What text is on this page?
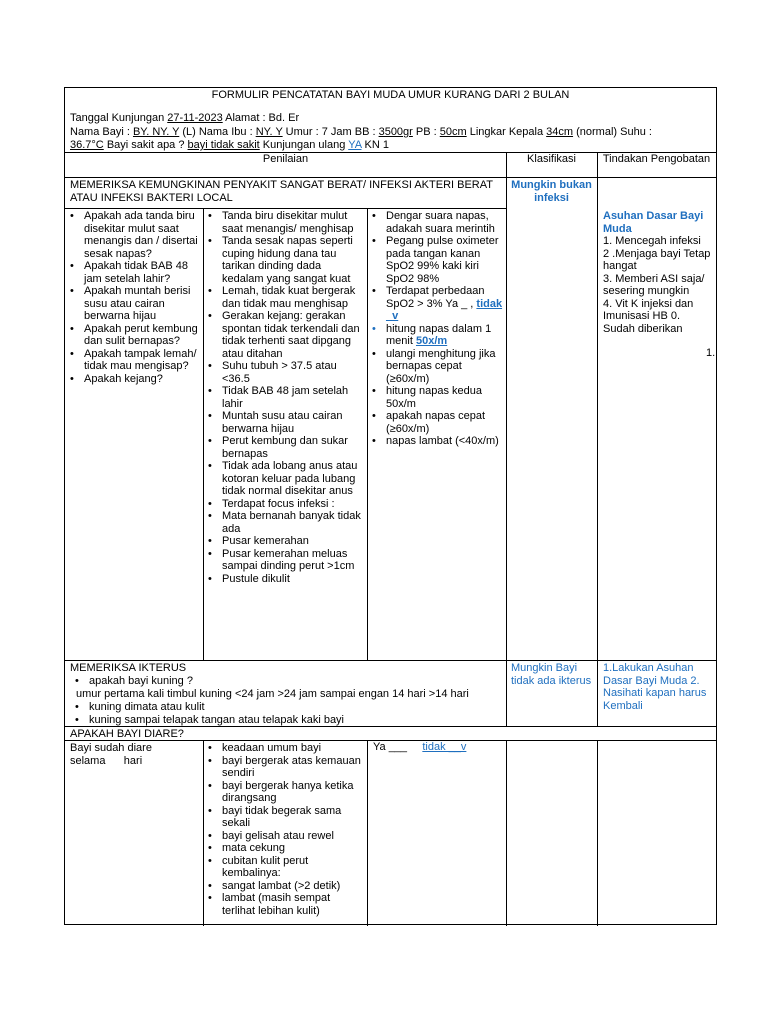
FORMULIR PENCATATAN BAYI MUDA UMUR KURANG DARI 2 BULAN
Tanggal Kunjungan 27-11-2023 Alamat : Bd. Er
Nama Bayi : BY. NY. Y (L) Nama Ibu : NY. Y Umur : 7 Jam BB : 3500gr PB : 50cm Lingkar Kepala 34cm (normal) Suhu :
36.7°C Bayi sakit apa ? bayi tidak sakit Kunjungan ulang YA KN 1
Penilaian	Klasifikasi	Tindakan Pengobatan
MEMERIKSA KEMUNGKINAN PENYAKIT SANGAT BERAT/ INFEKSI AKTERI BERAT ATAU INFEKSI BAKTERI LOCAL
Mungkin bukan infeksi
• Apakah ada tanda biru disekitar mulut saat menangis dan / disertai sesak napas?
• Apakah tidak BAB 48 jam setelah lahir?
• Apakah muntah berisi susu atau cairan berwarna hijau
• Apakah perut kembung dan sulit bernapas?
• Apakah tampak lemah/ tidak mau mengisap?
• Apakah kejang?
• Tanda biru disekitar mulut saat menangis/ menghisap
• Tanda sesak napas seperti cuping hidung dana tau tarikan dinding dada kedalam yang sangat kuat
• Lemah, tidak kuat bergerak dan tidak mau menghisap
• Gerakan kejang: gerakan spontan tidak terkendali dan tidak terhenti saat dipgang atau ditahan
• Suhu tubuh > 37.5 atau <36.5
• Tidak BAB 48 jam setelah lahir
• Muntah susu atau cairan berwarna hijau
• Perut kembung dan sukar bernapas
• Tidak ada lobang anus atau kotoran keluar pada lubang tidak normal disekitar anus
• Terdapat focus infeksi :
• Mata bernanah banyak tidak ada
• Pusar kemerahan
• Pusar kemerahan meluas sampai dinding perut >1cm
• Pustule dikulit
• Dengar suara napas, adakah suara merintih
• Pegang pulse oximeter pada tangan kanan SpO2 99% kaki kiri SpO2 98%
• Terdapat perbedaan SpO2 > 3% Ya _ , tidak _v
• hitung napas dalam 1 menit 50x/m
• ulangi menghitung jika bernapas cepat (≥60x/m)
• hitung napas kedua 50x/m
• apakah napas cepat (≥60x/m)
• napas lambat (<40x/m)
Asuhan Dasar Bayi Muda
1. Mencegah infeksi
2 .Menjaga bayi Tetap hangat
3. Memberi ASI saja/ sesering mungkin
4. Vit K injeksi dan Imunisasi HB 0. Sudah diberikan
1.
MEMERIKSA IKTERUS
• apakah bayi kuning ?
umur pertama kali timbul kuning <24 jam >24 jam sampai engan 14 hari >14 hari
• kuning dimata atau kulit
• kuning sampai telapak tangan atau telapak kaki bayi
Mungkin Bayi tidak ada ikterus
1.Lakukan Asuhan Dasar Bayi Muda 2. Nasihati kapan harus Kembali
APAKAH BAYI DIARE?
Bayi sudah diare selama      hari
• keadaan umum bayi
• bayi bergerak atas kemauan sendiri
• bayi bergerak hanya ketika dirangsang
• bayi tidak begerak sama sekali
• bayi gelisah atau rewel
• mata cekung
• cubitan kulit perut kembalinya:
• sangat lambat (>2 detik)
• lambat (masih sempat terlihat lebihan kulit)
Ya ___ tidak __v
